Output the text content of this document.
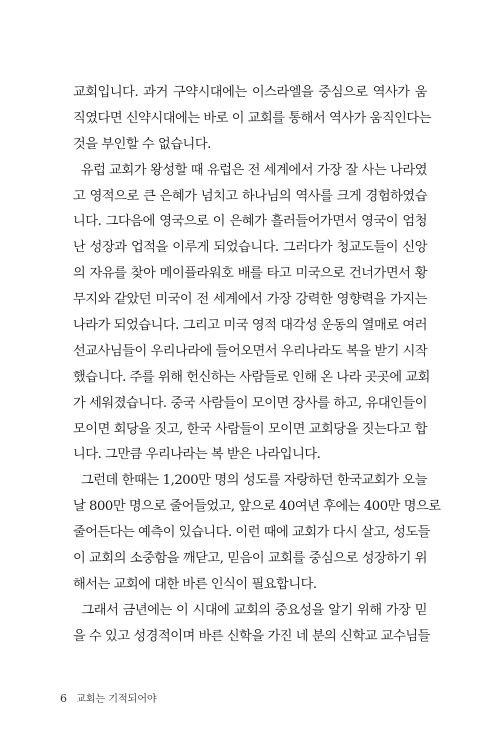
교회입니다. 과거 구약시대에는 이스라엘을 중심으로 역사가 움
직였다면 신약시대에는 바로 이 교회를 통해서 역사가 움직인다는
것을 부인할 수 없습니다.
유럽 교회가 왕성할 때 유럽은 전 세계에서 가장 잘 사는 나라였
고 영적으로 큰 은혜가 넘치고 하나님의 역사를 크게 경험하였습
니다. 그다음에 영국으로 이 은혜가 흘러들어가면서 영국이 엄청
난 성장과 업적을 이루게 되었습니다. 그러다가 청교도들이 신앙
의 자유를 찾아 메이플라워호 배를 타고 미국으로 건너가면서 황
무지와 같았던 미국이 전 세계에서 가장 강력한 영향력을 가지는
나라가 되었습니다. 그리고 미국 영적 대각성 운동의 열매로 여러
선교사님들이 우리나라에 들어오면서 우리나라도 복을 받기 시작
했습니다. 주를 위해 헌신하는 사람들로 인해 온 나라 곳곳에 교회
가 세워졌습니다. 중국 사람들이 모이면 장사를 하고, 유대인들이
모이면 회당을 짓고, 한국 사람들이 모이면 교회당을 짓는다고 합
니다. 그만큼 우리나라는 복 받은 나라입니다.
그런데 한때는 1,200만 명의 성도를 자랑하던 한국교회가 오늘
날 800만 명으로 줄어들었고, 앞으로 40여년 후에는 400만 명으로
줄어든다는 예측이 있습니다. 이런 때에 교회가 다시 살고, 성도들
이 교회의 소중함을 깨닫고, 믿음이 교회를 중심으로 성장하기 위
해서는 교회에 대한 바른 인식이 필요합니다.
그래서 금년에는 이 시대에 교회의 중요성을 알기 위해 가장 믿
을 수 있고 성경적이며 바른 신학을 가진 네 분의 신학교 교수님들
6 교회는 기적되어야
